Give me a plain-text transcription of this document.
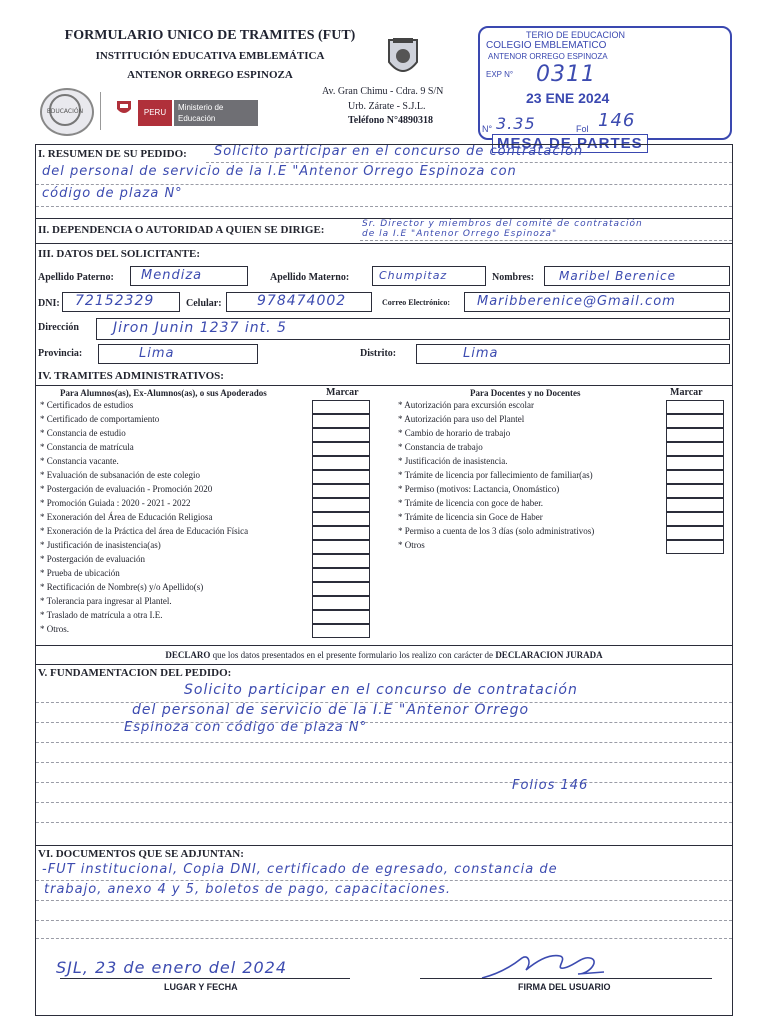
FORMULARIO UNICO DE TRAMITES (FUT)
INSTITUCIÓN EDUCATIVA EMBLEMÁTICA
ANTENOR ORREGO ESPINOZA
EDUCACIÓN	PERU
Ministerio de Educación
Av. Gran Chimu - Cdra. 9 S/N
Urb. Zárate - S.J.L.
Teléfono N°4890318
TERIO DE EDUCACION
COLEGIO EMBLEMATICO
ANTENOR ORREGO ESPINOZA
EXP N° 0311
23 ENE 2024
N° 3.35	Fol 146
MESA DE PARTES
I. RESUMEN DE SU PEDIDO: Solicito participar en el concurso de contratación
del personal de servicio de la I.E "Antenor Orrego Espinoza con
código de plaza N°
II. DEPENDENCIA O AUTORIDAD A QUIEN SE DIRIGE:	Sr. Director y miembros del comité de contratación
de la I.E "Antenor Orrego Espinoza"
III. DATOS DEL SOLICITANTE:
Apellido Paterno: Mendiza	Apellido Materno:	Chumpitaz	Nombres: Maribel Berenice
DNI: 72152329	Celular:	978474002	Correo Electrónico: Maribberenice@Gmail.com
Dirección Jiron Junin 1237 int. 5
Provincia:	Lima	Distrito:	Lima
IV. TRAMITES ADMINISTRATIVOS:
Para Alumnos(as), Ex-Alumnos(as), o sus Apoderados	Marcar	Para Docentes y no Docentes	Marcar
* Certificados de estudios
* Certificado de comportamiento
* Constancia de estudio
* Constancia de matrícula
* Constancia vacante.
* Evaluación de subsanación de este colegio
* Postergación de evaluación - Promoción 2020
* Promoción Guiada : 2020 - 2021 - 2022
* Exoneración del Área de Educación Religiosa
* Exoneración de la Práctica del área de Educación Física
* Justificación de inasistencia(as)
* Postergación de evaluación
* Prueba de ubicación
* Rectificación de Nombre(s) y/o Apellido(s)
* Tolerancia para ingresar al Plantel.
* Traslado de matrícula a otra I.E.
* Otros.
* Autorización para excursión escolar
* Autorización para uso del Plantel
* Cambio de horario de trabajo
* Constancia de trabajo
* Justificación de inasistencia.
* Trámite de licencia por fallecimiento de familiar(as)
* Permiso (motivos: Lactancia, Onomástico)
* Trámite de licencia con goce de haber.
* Trámite de licencia sin Goce de Haber
* Permiso a cuenta de los 3 días (solo administrativos)
* Otros
DECLARO que los datos presentados en el presente formulario los realizo con carácter de DECLARACION JURADA
V. FUNDAMENTACION DEL PEDIDO:
Solicito participar en el concurso de contratación
del personal de servicio de la I.E "Antenor Orrego
Espinoza con código de plaza N°
Folios 146
VI. DOCUMENTOS QUE SE ADJUNTAN:
-FUT institucional, Copia DNI, certificado de egresado, constancia de
trabajo, anexo 4 y 5, boletos de pago, capacitaciones.
SJL, 23 de enero del 2024
LUGAR Y FECHA	FIRMA DEL USUARIO
